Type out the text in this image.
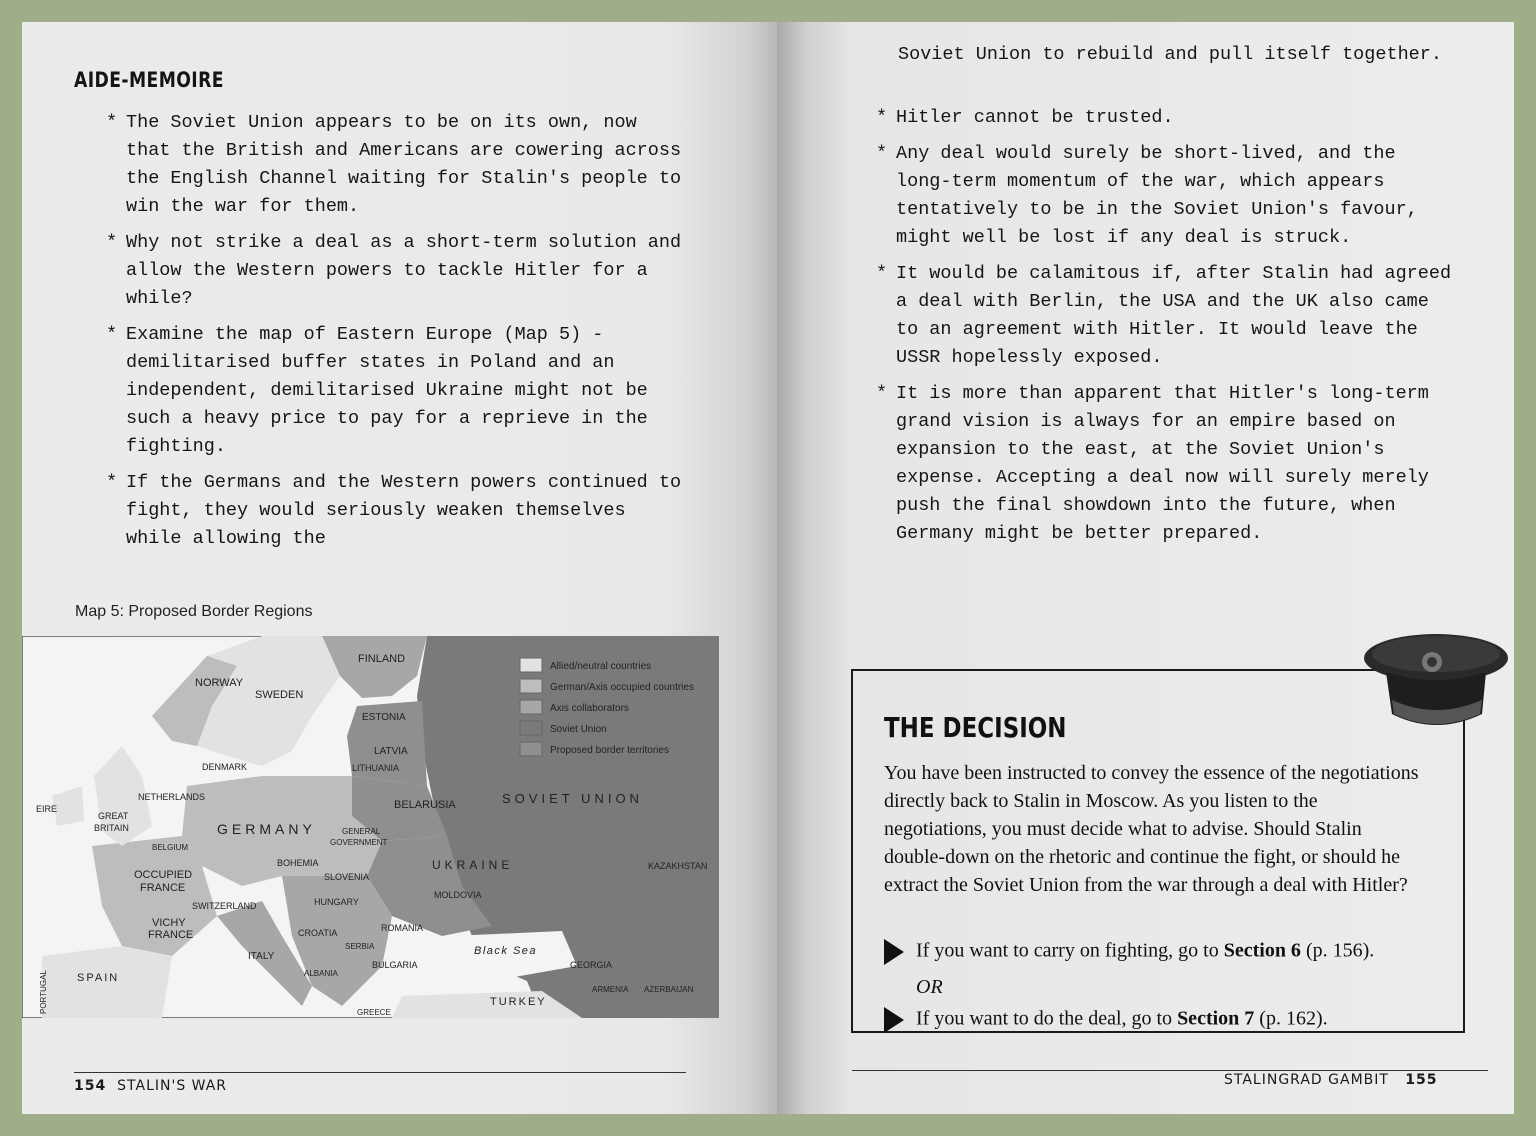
AIDE-MEMOIRE
* The Soviet Union appears to be on its own, now that the British and Americans are cowering across the English Channel waiting for Stalin's people to win the war for them.
* Why not strike a deal as a short-term solution and allow the Western powers to tackle Hitler for a while?
* Examine the map of Eastern Europe (Map 5) - demilitarised buffer states in Poland and an independent, demilitarised Ukraine might not be such a heavy price to pay for a reprieve in the fighting.
* If the Germans and the Western powers continued to fight, they would seriously weaken themselves while allowing the
Map 5: Proposed Border Regions
Allied/neutral countries
German/Axis occupied countries
Axis collaborators
Soviet Union
Proposed border territories
FINLAND
NORWAY
SWEDEN
ESTONIA
LATVIA
LITHUANIA
DENMARK
NETHERLANDS
EIRE
GREAT
BRITAIN
BELARUSIA	SOVIET UNION
GERMANY	GENERAL
GOVERNMENT
BELGIUM
BOHEMIA	UKRAINE	KAZAKHSTAN
OCCUPIED
FRANCE
SLOVENIA
MOLDOVIA
SWITZERLAND	HUNGARY
VICHY
FRANCE	CROATIA	ROMANIA
SERBIA	Black Sea
ITALY
BULGARIA	GEORGIA
SPAIN
PORTUGAL	ALBANIA
ARMENIA AZERBAIJAN
TURKEY
GREECE
154 STALIN'S WAR	STALINGRAD GAMBIT 155
Soviet Union to rebuild and pull itself together.
* Hitler cannot be trusted.
* Any deal would surely be short-lived, and the long-term momentum of the war, which appears tentatively to be in the Soviet Union's favour, might well be lost if any deal is struck.
* It would be calamitous if, after Stalin had agreed a deal with Berlin, the USA and the UK also came to an agreement with Hitler. It would leave the USSR hopelessly exposed.
* It is more than apparent that Hitler's long-term grand vision is always for an empire based on expansion to the east, at the Soviet Union's expense. Accepting a deal now will surely merely push the final showdown into the future, when Germany might be better prepared.
THE DECISION

You have been instructed to convey the essence of the negotiations directly back to Stalin in Moscow. As you listen to the negotiations, you must decide what to advise. Should Stalin double-down on the rhetoric and continue the fight, or should he extract the Soviet Union from the war through a deal with Hitler?

If you want to carry on fighting, go to Section 6 (p. 156).
OR
If you want to do the deal, go to Section 7 (p. 162).
